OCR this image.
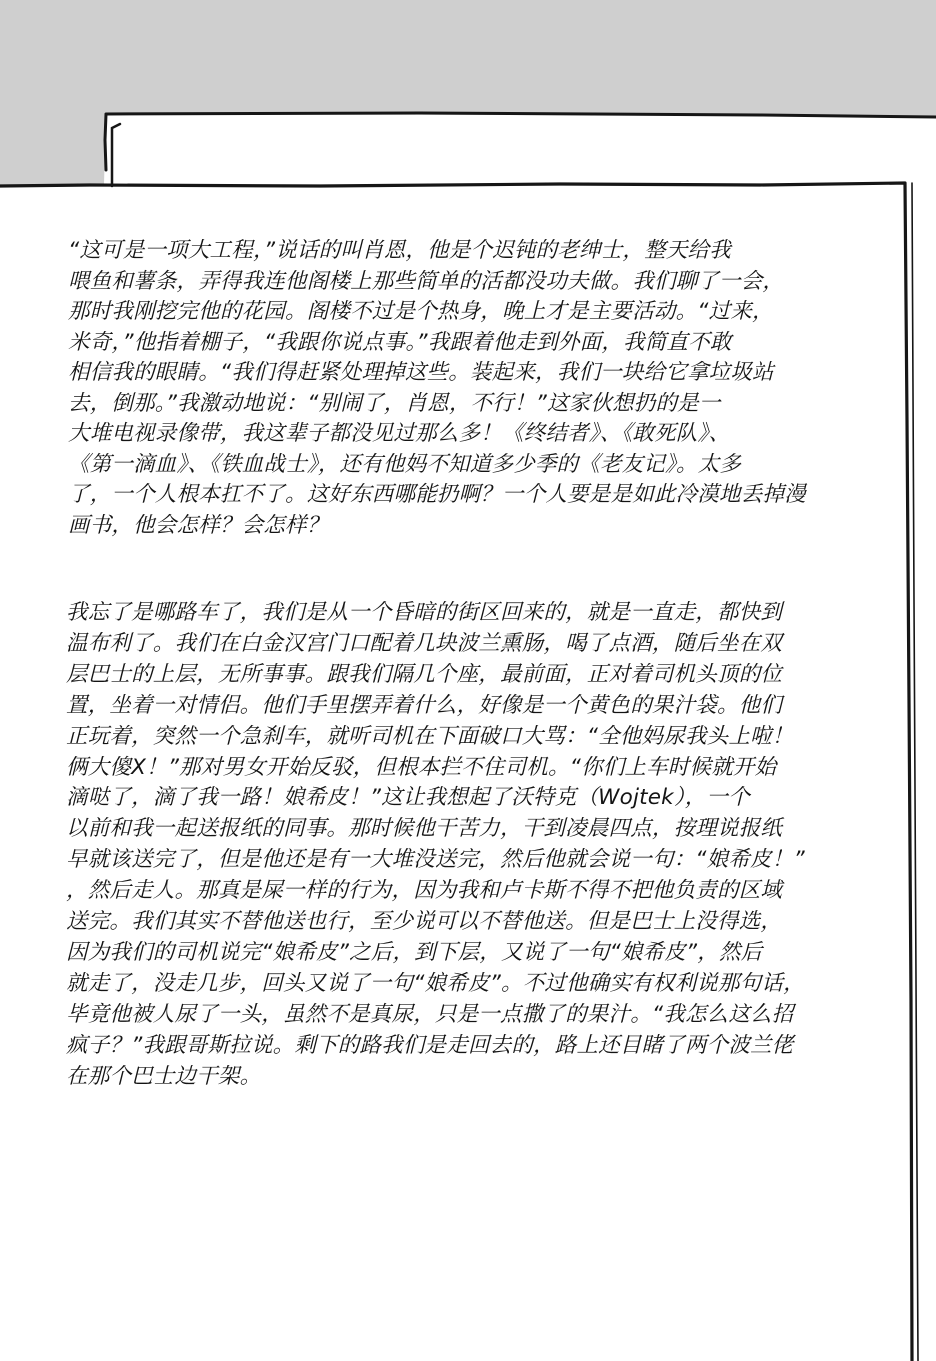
“这可是一项大工程，”说话的叫肖恩，他是个迟钝的老绅士，整天给我
喂鱼和薯条，弄得我连他阁楼上那些简单的活都没功夫做。我们聊了一会，
那时我刚挖完他的花园。阁楼不过是个热身，晚上才是主要活动。“过来，
米奇，”他指着棚子，“我跟你说点事。”我跟着他走到外面，我简直不敢
相信我的眼睛。“我们得赶紧处理掉这些。装起来，我们一块给它拿垃圾站
去，倒那。”我激动地说：“别闹了，肖恩，不行！”这家伙想扔的是一
大堆电视录像带，我这辈子都没见过那么多！《终结者》、《敢死队》、
《第一滴血》、《铁血战士》，还有他妈不知道多少季的《老友记》。太多
了，一个人根本扛不了。这好东西哪能扔啊？一个人要是是如此冷漠地丢掉漫
画书，他会怎样？会怎样？

我忘了是哪路车了，我们是从一个昏暗的街区回来的，就是一直走，都快到
温布利了。我们在白金汉宫门口配着几块波兰熏肠，喝了点酒，随后坐在双
层巴士的上层，无所事事。跟我们隔几个座，最前面，正对着司机头顶的位
置，坐着一对情侣。他们手里摆弄着什么，好像是一个黄色的果汁袋。他们
正玩着，突然一个急刹车，就听司机在下面破口大骂：“全他妈尿我头上啦！
俩大傻X！”那对男女开始反驳，但根本拦不住司机。“你们上车时候就开始
滴哒了，滴了我一路！娘希皮！”这让我想起了沃特克（Wojtek），一个
以前和我一起送报纸的同事。那时候他干苦力，干到凌晨四点，按理说报纸
早就该送完了，但是他还是有一大堆没送完，然后他就会说一句：“娘希皮！”
，然后走人。那真是屎一样的行为，因为我和卢卡斯不得不把他负责的区域
送完。我们其实不替他送也行，至少说可以不替他送。但是巴士上没得选，
因为我们的司机说完“娘希皮”之后，到下层，又说了一句“娘希皮”，然后
就走了，没走几步，回头又说了一句“娘希皮”。不过他确实有权利说那句话，
毕竟他被人尿了一头，虽然不是真尿，只是一点撒了的果汁。“我怎么这么招
疯子？”我跟哥斯拉说。剩下的路我们是走回去的，路上还目睹了两个波兰佬
在那个巴士边干架。
